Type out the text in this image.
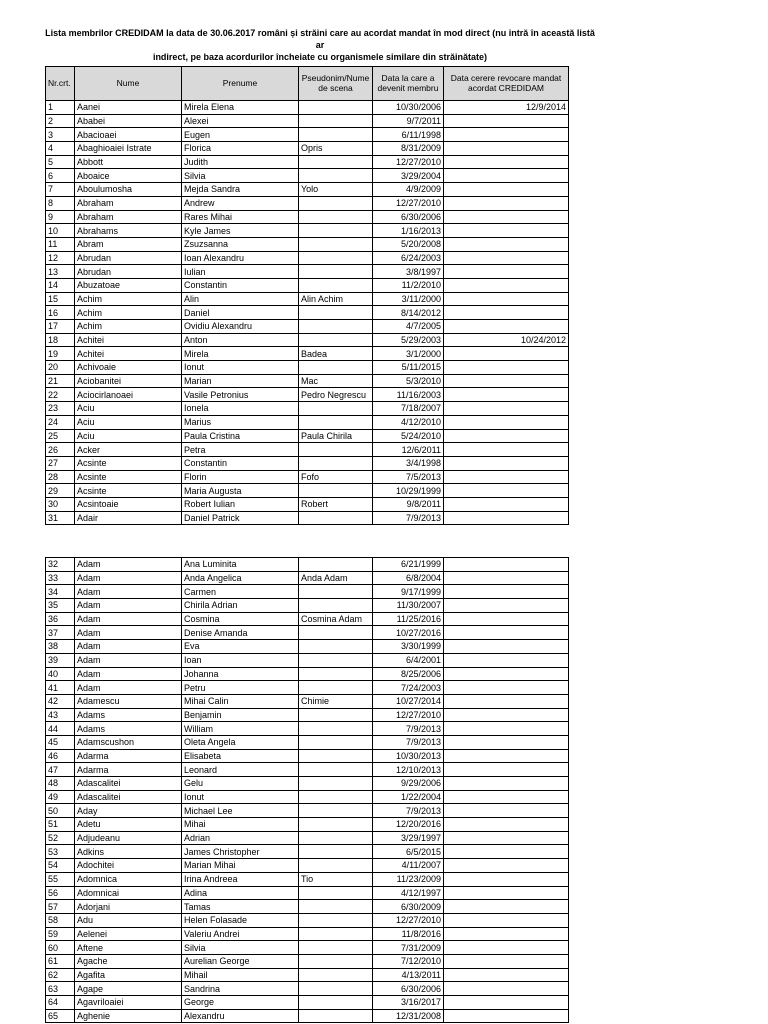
Lista membrilor CREDIDAM la data de 30.06.2017 români și străini care au acordat mandat în mod direct (nu intră în această listă ar
indirect, pe baza acordurilor încheiate cu organismele similare din străinătate)
Nr.crt.	Nume	Prenume	Pseudonim/Nume de scena	Data la care a devenit membru	Data cerere revocare mandat acordat CREDIDAM
1	Aanei	Mirela Elena		10/30/2006	12/9/2014
2	Ababei	Alexei		9/7/2011	
3	Abacioaei	Eugen		6/11/1998	
4	Abaghioaiei Istrate	Florica	Opris	8/31/2009	
5	Abbott	Judith		12/27/2010	
6	Aboaice	Silvia		3/29/2004	
7	Aboulumosha	Mejda Sandra	Yolo	4/9/2009	
8	Abraham	Andrew		12/27/2010	
9	Abraham	Rares Mihai		6/30/2006	
10	Abrahams	Kyle James		1/16/2013	
11	Abram	Zsuzsanna		5/20/2008	
12	Abrudan	Ioan Alexandru		6/24/2003	
13	Abrudan	Iulian		3/8/1997	
14	Abuzatoae	Constantin		11/2/2010	
15	Achim	Alin	Alin Achim	3/11/2000	
16	Achim	Daniel		8/14/2012	
17	Achim	Ovidiu Alexandru		4/7/2005	
18	Achitei	Anton		5/29/2003	10/24/2012
19	Achitei	Mirela	Badea	3/1/2000	
20	Achivoaie	Ionut		5/11/2015	
21	Aciobanitei	Marian	Mac	5/3/2010	
22	Aciocirlanoaei	Vasile Petronius	Pedro Negrescu	11/16/2003	
23	Aciu	Ionela		7/18/2007	
24	Aciu	Marius		4/12/2010	
25	Aciu	Paula Cristina	Paula Chirila	5/24/2010	
26	Acker	Petra		12/6/2011	
27	Acsinte	Constantin		3/4/1998	
28	Acsinte	Florin	Fofo	7/5/2013	
29	Acsinte	Maria Augusta		10/29/1999	
30	Acsintoaie	Robert Iulian	Robert	9/8/2011	
31	Adair	Daniel Patrick		7/9/2013	
32	Adam	Ana Luminita		6/21/1999	
33	Adam	Anda Angelica	Anda Adam	6/8/2004	
34	Adam	Carmen		9/17/1999	
35	Adam	Chirila Adrian		11/30/2007	
36	Adam	Cosmina	Cosmina Adam	11/25/2016	
37	Adam	Denise Amanda		10/27/2016	
38	Adam	Eva		3/30/1999	
39	Adam	Ioan		6/4/2001	
40	Adam	Johanna		8/25/2006	
41	Adam	Petru		7/24/2003	
42	Adamescu	Mihai Calin	Chimie	10/27/2014	
43	Adams	Benjamin		12/27/2010	
44	Adams	William		7/9/2013	
45	Adamscushon	Oleta Angela		7/9/2013	
46	Adarma	Elisabeta		10/30/2013	
47	Adarma	Leonard		12/10/2013	
48	Adascalitei	Gelu		9/29/2006	
49	Adascalitei	Ionut		1/22/2004	
50	Aday	Michael Lee		7/9/2013	
51	Adetu	Mihai		12/20/2016	
52	Adjudeanu	Adrian		3/29/1997	
53	Adkins	James Christopher		6/5/2015	
54	Adochitei	Marian Mihai		4/11/2007	
55	Adomnica	Irina Andreea	Tio	11/23/2009	
56	Adomnicai	Adina		4/12/1997	
57	Adorjani	Tamas		6/30/2009	
58	Adu	Helen Folasade		12/27/2010	
59	Aelenei	Valeriu Andrei		11/8/2016	
60	Aftene	Silvia		7/31/2009	
61	Agache	Aurelian George		7/12/2010	
62	Agafita	Mihail		4/13/2011	
63	Agape	Sandrina		6/30/2006	
64	Agavriloaiei	George		3/16/2017	
65	Aghenie	Alexandru		12/31/2008	
